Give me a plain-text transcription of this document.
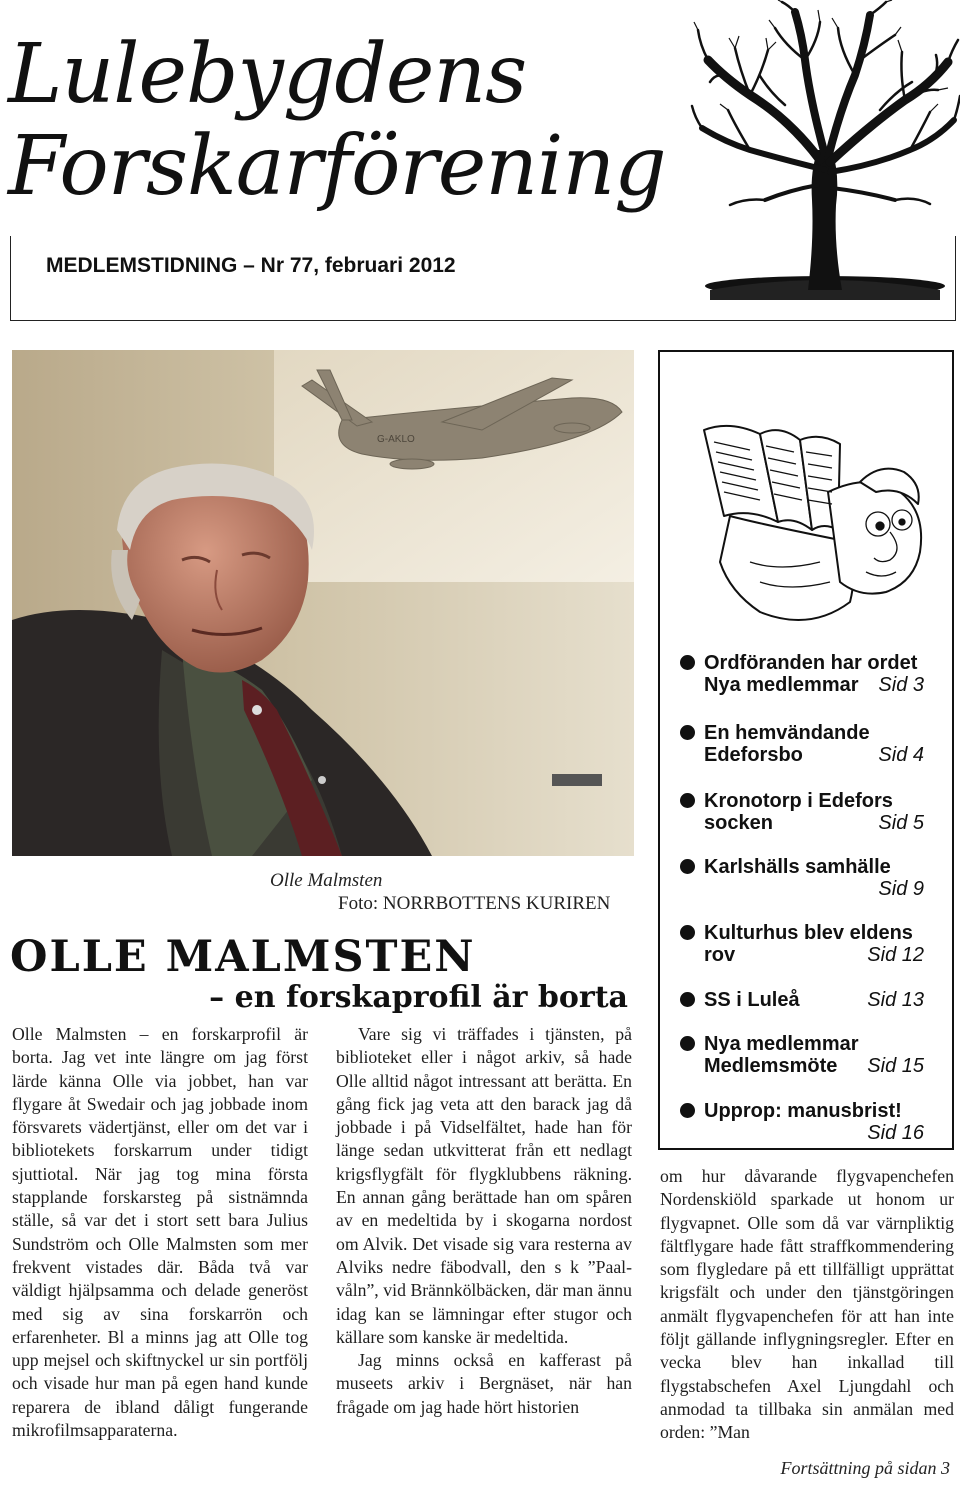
Lulebygdens
Forskarförening
MEDLEMSTIDNING – Nr 77, februari 2012
G-AKLO
Olle Malmsten
Foto: NORRBOTTENS KURIREN
OLLE MALMSTEN
– en forskaprofil är borta

Olle Malmsten – en forskarprofil är borta. Jag vet inte längre om jag först lärde känna Olle via jobbet, han var flygare åt Swedair och jag jobbade inom försvarets vädertjänst, eller om det var i bibliotekets forskarrum under tidigt sjuttiotal. När jag tog mina första stapplande forskarsteg på sistnämnda ställe, så var det i stort sett bara Julius Sundström och Olle Malmsten som mer frekvent vistades där. Båda två var väldigt hjälpsamma och delade generöst med sig av sina forskarrön och erfarenheter. Bl a minns jag att Olle tog upp mejsel och skiftnyckel ur sin portfölj och visade hur man på egen hand kunde reparera de ibland dåligt fungerande mikrofilmsapparaterna.

Vare sig vi träffades i tjänsten, på biblioteket eller i något arkiv, så hade Olle alltid något intressant att berätta. En gång fick jag veta att den barack jag då jobbade i på Vidselfältet, hade han för länge sedan utkvitterat från ett nedlagt krigsflygfält för flygklubbens räkning. En annan gång berättade han om spåren av en medeltida by i skogarna nordost om Alvik. Det visade sig vara resterna av Alviks nedre fäbodvall, den s k ”Paal-våln”, vid Brännkölbäcken, där man ännu idag kan se lämningar efter stugor och källare som kanske är medeltida.

Jag minns också en kafferast på museets arkiv i Bergnäset, när han frågade om jag hade hört historien

om hur dåvarande flygvapenchefen Nordenskiöld sparkade ut honom ur flygvapnet. Olle som då var värnpliktig fältflygare hade fått straffkommendering som flygledare på ett tillfälligt upprättat krigsfält och under den tjänstgöringen anmält flygvapenchefen för att han inte följt gällande inflygningsregler. Efter en vecka blev han inkallad till flygstabschefen Axel Ljungdahl och anmodad ta tillbaka sin anmälan med orden: ”Man

Fortsättning på sidan 3
Ordföranden har ordet
Nya medlemmar Sid 3
En hemvändande
Edeforsbo	Sid 4
Kronotorp i Edefors
socken	Sid 5
Karlshälls samhälle
Sid 9
Kulturhus blev eldens
rov	Sid 12
SS i Luleå	Sid 13
Nya medlemmar
Medlemsmöte Sid 15
Upprop: manusbrist!
Sid 16
